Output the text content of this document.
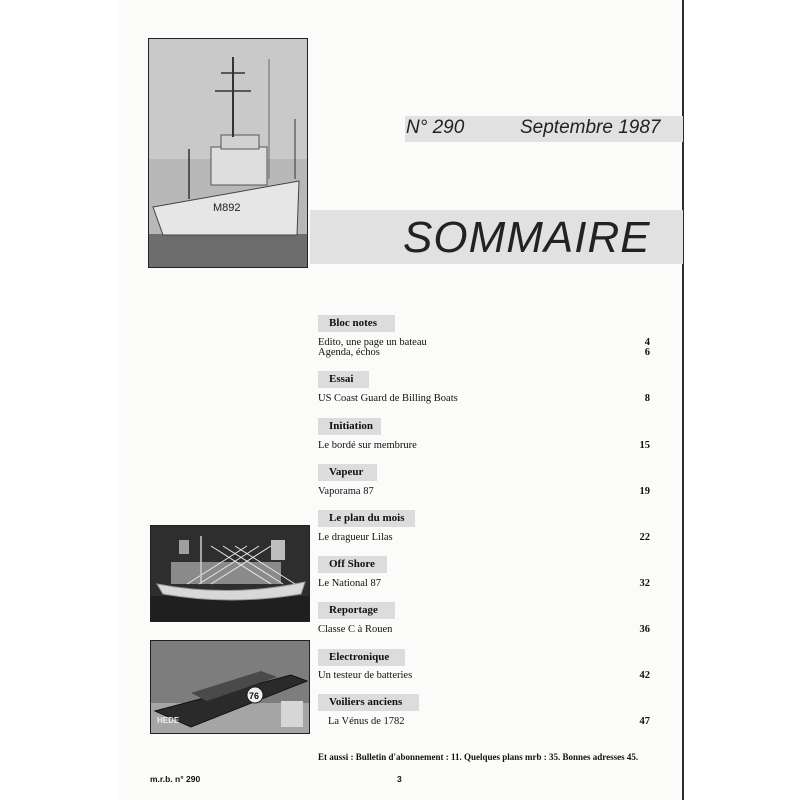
M892
76
HEDE
N° 290	Septembre 1987
SOMMAIRE
Bloc notes
Edito, une page un bateau	4
Agenda, échos	6
Essai
US Coast Guard de Billing Boats	8
Initiation
Le bordé sur membrure	15
Vapeur
Vaporama 87	19
Le plan du mois
Le dragueur Lilas	22
Off Shore
Le National 87	32
Reportage
Classe C à Rouen	36
Electronique
Un testeur de batteries	42
Voiliers anciens
La Vénus de 1782	47
Et aussi : Bulletin d'abonnement : 11. Quelques plans mrb : 35. Bonnes adresses 45.
m.r.b. n° 290	3
